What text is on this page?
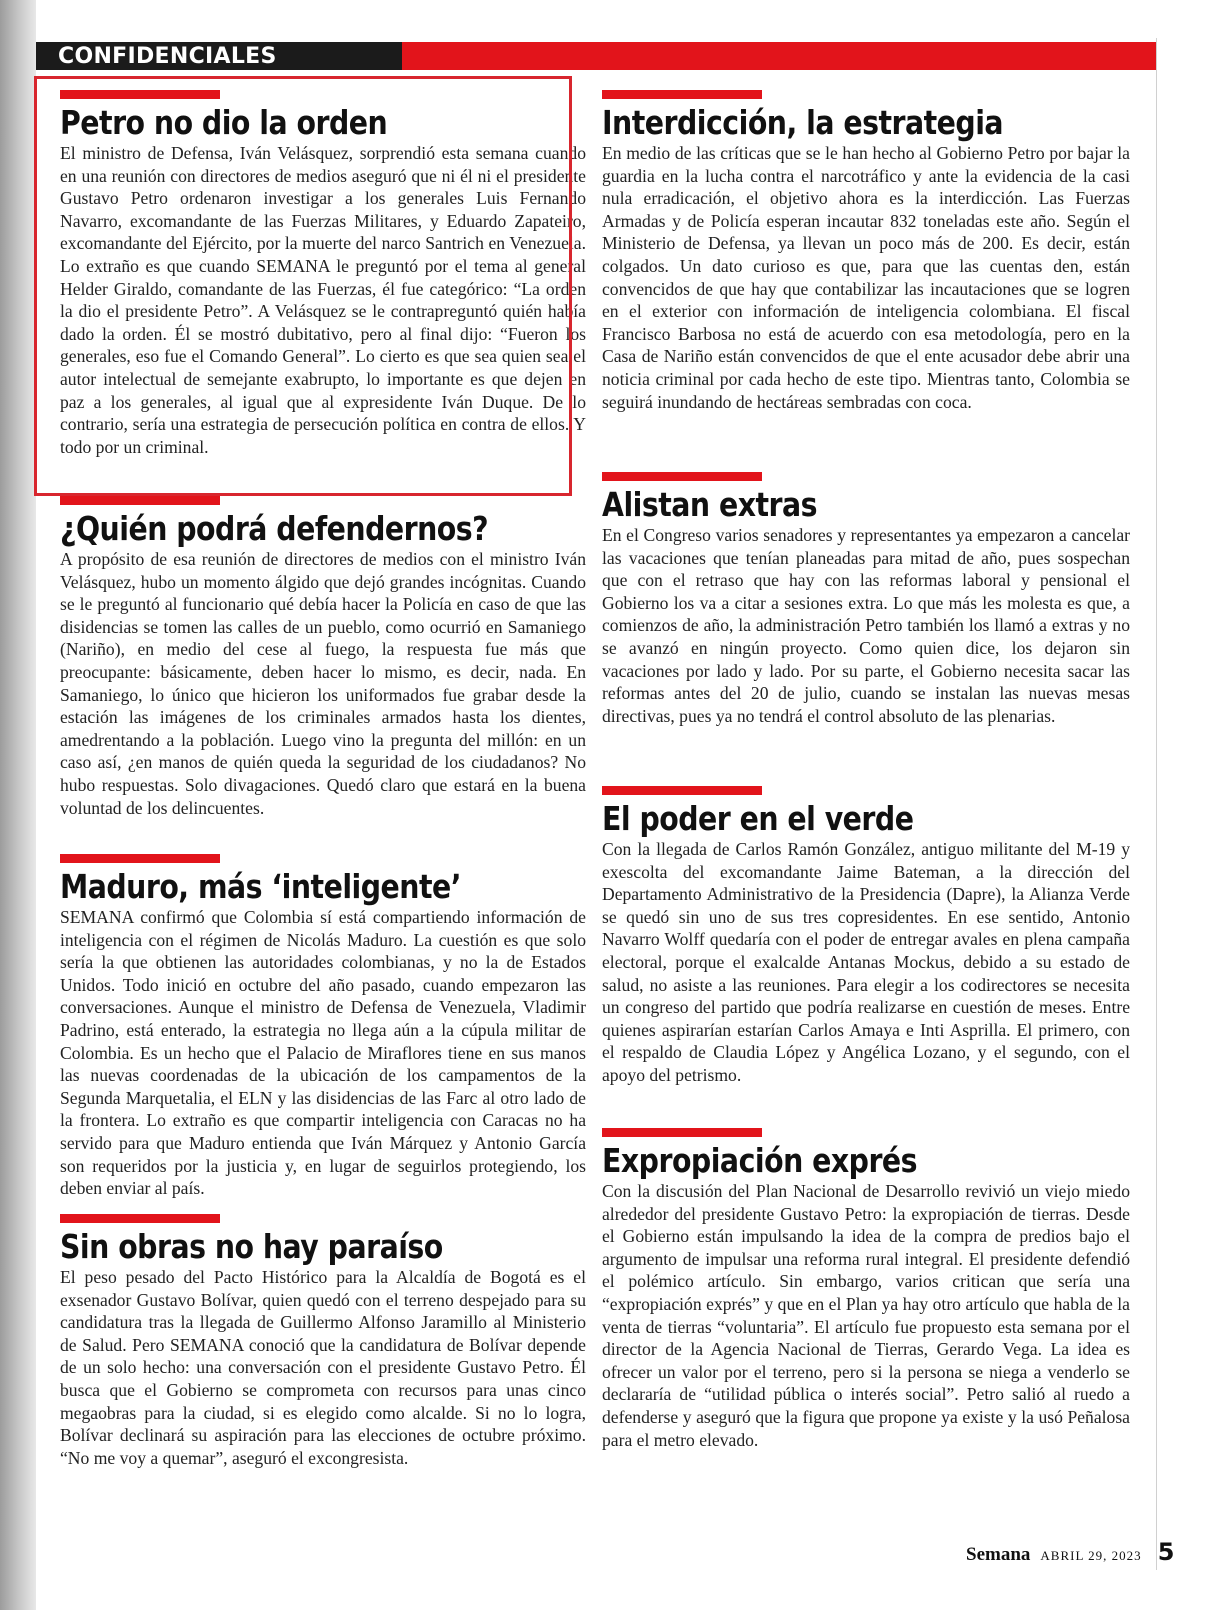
CONFIDENCIALES
Petro no dio la orden

El ministro de Defensa, Iván Velásquez, sorprendió esta semana cuando en una reunión con directores de medios aseguró que ni él ni el presidente Gustavo Petro ordenaron investigar a los generales Luis Fernando Navarro, excomandante de las Fuerzas Militares, y Eduardo Zapateiro, excomandante del Ejército, por la muerte del narco Santrich en Venezuela. Lo extraño es que cuando SEMANA le preguntó por el tema al general Helder Giraldo, comandante de las Fuerzas, él fue categórico: “La orden la dio el presidente Petro”. A Velásquez se le contrapreguntó quién había dado la orden. Él se mostró dubitativo, pero al final dijo: “Fueron los generales, eso fue el Comando General”. Lo cierto es que sea quien sea el autor intelectual de semejante exabrupto, lo importante es que dejen en paz a los generales, al igual que al expresidente Iván Duque. De lo contrario, sería una estrategia de persecución política en contra de ellos. Y todo por un criminal.

¿Quién podrá defendernos?

A propósito de esa reunión de directores de medios con el ministro Iván Velásquez, hubo un momento álgido que dejó grandes incógnitas. Cuando se le preguntó al funcionario qué debía hacer la Policía en caso de que las disidencias se tomen las calles de un pueblo, como ocurrió en Samaniego (Nariño), en medio del cese al fuego, la respuesta fue más que preocupante: básicamente, deben hacer lo mismo, es decir, nada. En Samaniego, lo único que hicieron los uniformados fue grabar desde la estación las imágenes de los criminales armados hasta los dientes, amedrentando a la población. Luego vino la pregunta del millón: en un caso así, ¿en manos de quién queda la seguridad de los ciudadanos? No hubo respuestas. Solo divagaciones. Quedó claro que estará en la buena voluntad de los delincuentes.

Maduro, más ‘inteligente’

SEMANA confirmó que Colombia sí está compartiendo información de inteligencia con el régimen de Nicolás Maduro. La cuestión es que solo sería la que obtienen las autoridades colombianas, y no la de Estados Unidos. Todo inició en octubre del año pasado, cuando empezaron las conversaciones. Aunque el ministro de Defensa de Venezuela, Vladimir Padrino, está enterado, la estrategia no llega aún a la cúpula militar de Colombia. Es un hecho que el Palacio de Miraflores tiene en sus manos las nuevas coordenadas de la ubicación de los campamentos de la Segunda Marquetalia, el ELN y las disidencias de las Farc al otro lado de la frontera. Lo extraño es que compartir inteligencia con Caracas no ha servido para que Maduro entienda que Iván Márquez y Antonio García son requeridos por la justicia y, en lugar de seguirlos protegiendo, los deben enviar al país.

Sin obras no hay paraíso

El peso pesado del Pacto Histórico para la Alcaldía de Bogotá es el exsenador Gustavo Bolívar, quien quedó con el terreno despejado para su candidatura tras la llegada de Guillermo Alfonso Jaramillo al Ministerio de Salud. Pero SEMANA conoció que la candidatura de Bolívar depende de un solo hecho: una conversación con el presidente Gustavo Petro. Él busca que el Gobierno se comprometa con recursos para unas cinco megaobras para la ciudad, si es elegido como alcalde. Si no lo logra, Bolívar declinará su aspiración para las elecciones de octubre próximo. “No me voy a quemar”, aseguró el excongresista.

Interdicción, la estrategia

En medio de las críticas que se le han hecho al Gobierno Petro por bajar la guardia en la lucha contra el narcotráfico y ante la evidencia de la casi nula erradicación, el objetivo ahora es la interdicción. Las Fuerzas Armadas y de Policía esperan incautar 832 toneladas este año. Según el Ministerio de Defensa, ya llevan un poco más de 200. Es decir, están colgados. Un dato curioso es que, para que las cuentas den, están convencidos de que hay que contabilizar las incautaciones que se logren en el exterior con información de inteligencia colombiana. El fiscal Francisco Barbosa no está de acuerdo con esa metodología, pero en la Casa de Nariño están convencidos de que el ente acusador debe abrir una noticia criminal por cada hecho de este tipo. Mientras tanto, Colombia se seguirá inundando de hectáreas sembradas con coca.

Alistan extras

En el Congreso varios senadores y representantes ya empezaron a cancelar las vacaciones que tenían planeadas para mitad de año, pues sospechan que con el retraso que hay con las reformas laboral y pensional el Gobierno los va a citar a sesiones extra. Lo que más les molesta es que, a comienzos de año, la administración Petro también los llamó a extras y no se avanzó en ningún proyecto. Como quien dice, los dejaron sin vacaciones por lado y lado. Por su parte, el Gobierno necesita sacar las reformas antes del 20 de julio, cuando se instalan las nuevas mesas directivas, pues ya no tendrá el control absoluto de las plenarias.

El poder en el verde

Con la llegada de Carlos Ramón González, antiguo militante del M-19 y exescolta del excomandante Jaime Bateman, a la dirección del Departamento Administrativo de la Presidencia (Dapre), la Alianza Verde se quedó sin uno de sus tres copresidentes. En ese sentido, Antonio Navarro Wolff quedaría con el poder de entregar avales en plena campaña electoral, porque el exalcalde Antanas Mockus, debido a su estado de salud, no asiste a las reuniones. Para elegir a los codirectores se necesita un congreso del partido que podría realizarse en cuestión de meses. Entre quienes aspirarían estarían Carlos Amaya e Inti Asprilla. El primero, con el respaldo de Claudia López y Angélica Lozano, y el segundo, con el apoyo del petrismo.

Expropiación exprés

Con la discusión del Plan Nacional de Desarrollo revivió un viejo miedo alrededor del presidente Gustavo Petro: la expropiación de tierras. Desde el Gobierno están impulsando la idea de la compra de predios bajo el argumento de impulsar una reforma rural integral. El presidente defendió el polémico artículo. Sin embargo, varios critican que sería una “expropiación exprés” y que en el Plan ya hay otro artículo que habla de la venta de tierras “voluntaria”. El artículo fue propuesto esta semana por el director de la Agencia Nacional de Tierras, Gerardo Vega. La idea es ofrecer un valor por el terreno, pero si la persona se niega a venderlo se declararía de “utilidad pública o interés social”. Petro salió al ruedo a defenderse y aseguró que la figura que propone ya existe y la usó Peñalosa para el metro elevado.

Semana ABRIL 29, 2023 5
